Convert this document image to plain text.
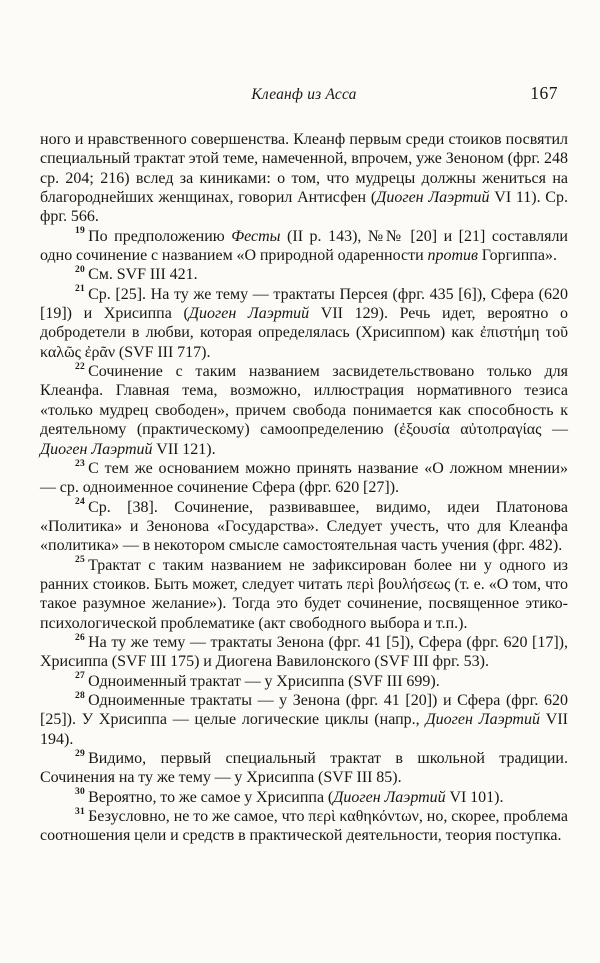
Клеанф из Асса	167

ного и нравственного совершенства. Клеанф первым среди стоиков посвятил специальный трактат этой теме, намеченной, впрочем, уже Зеноном (фрг. 248 ср. 204; 216) вслед за киниками: о том, что мудрецы должны жениться на благороднейших женщинах, говорил Антисфен (Диоген Лаэртий VI 11). Ср. фрг. 566.

$^{19}$ По предположению Фесты (II p. 143), №№ [20] и [21] составляли одно сочинение с названием «О природной одаренности против Горгиппа».

$^{20}$ См. SVF III 421.

$^{21}$ Ср. [25]. На ту же тему — трактаты Персея (фрг. 435 [6]), Сфера (620 [19]) и Хрисиппа (Диоген Лаэртий VII 129). Речь идет, вероятно о добродетели в любви, которая определялась (Хрисиппом) как ἐπιστήμη τοῦ καλῶς ἐρᾶν (SVF III 717).

$^{22}$ Сочинение с таким названием засвидетельствовано только для Клеанфа. Главная тема, возможно, иллюстрация нормативного тезиса «только мудрец свободен», причем свобода понимается как способность к деятельному (практическому) самоопределению (ἐξουσία αὐτοπραγίας — Диоген Лаэртий VII 121).

$^{23}$ С тем же основанием можно принять название «О ложном мнении» — ср. одноименное сочинение Сфера (фрг. 620 [27]).

$^{24}$ Ср. [38]. Сочинение, развивавшее, видимо, идеи Платонова «Политика» и Зенонова «Государства». Следует учесть, что для Клеанфа «политика» — в некотором смысле самостоятельная часть учения (фрг. 482).

$^{25}$ Трактат с таким названием не зафиксирован более ни у одного из ранних стоиков. Быть может, следует читать περὶ βουλήσεως (т. е. «О том, что такое разумное желание»). Тогда это будет сочинение, посвященное этико-психологической проблематике (акт свободного выбора и т.п.).

$^{26}$ На ту же тему — трактаты Зенона (фрг. 41 [5]), Сфера (фрг. 620 [17]), Хрисиппа (SVF III 175) и Диогена Вавилонского (SVF III фрг. 53).

$^{27}$ Одноименный трактат — у Хрисиппа (SVF III 699).

$^{28}$ Одноименные трактаты — у Зенона (фрг. 41 [20]) и Сфера (фрг. 620 [25]). У Хрисиппа — целые логические циклы (напр., Диоген Лаэртий VII 194).

$^{29}$ Видимо, первый специальный трактат в школьной традиции. Сочинения на ту же тему — у Хрисиппа (SVF III 85).

$^{30}$ Вероятно, то же самое у Хрисиппа (Диоген Лаэртий VI 101).

$^{31}$ Безусловно, не то же самое, что περὶ καθηκόντων, но, скорее, проблема соотношения цели и средств в практической деятельности, теория поступка.
